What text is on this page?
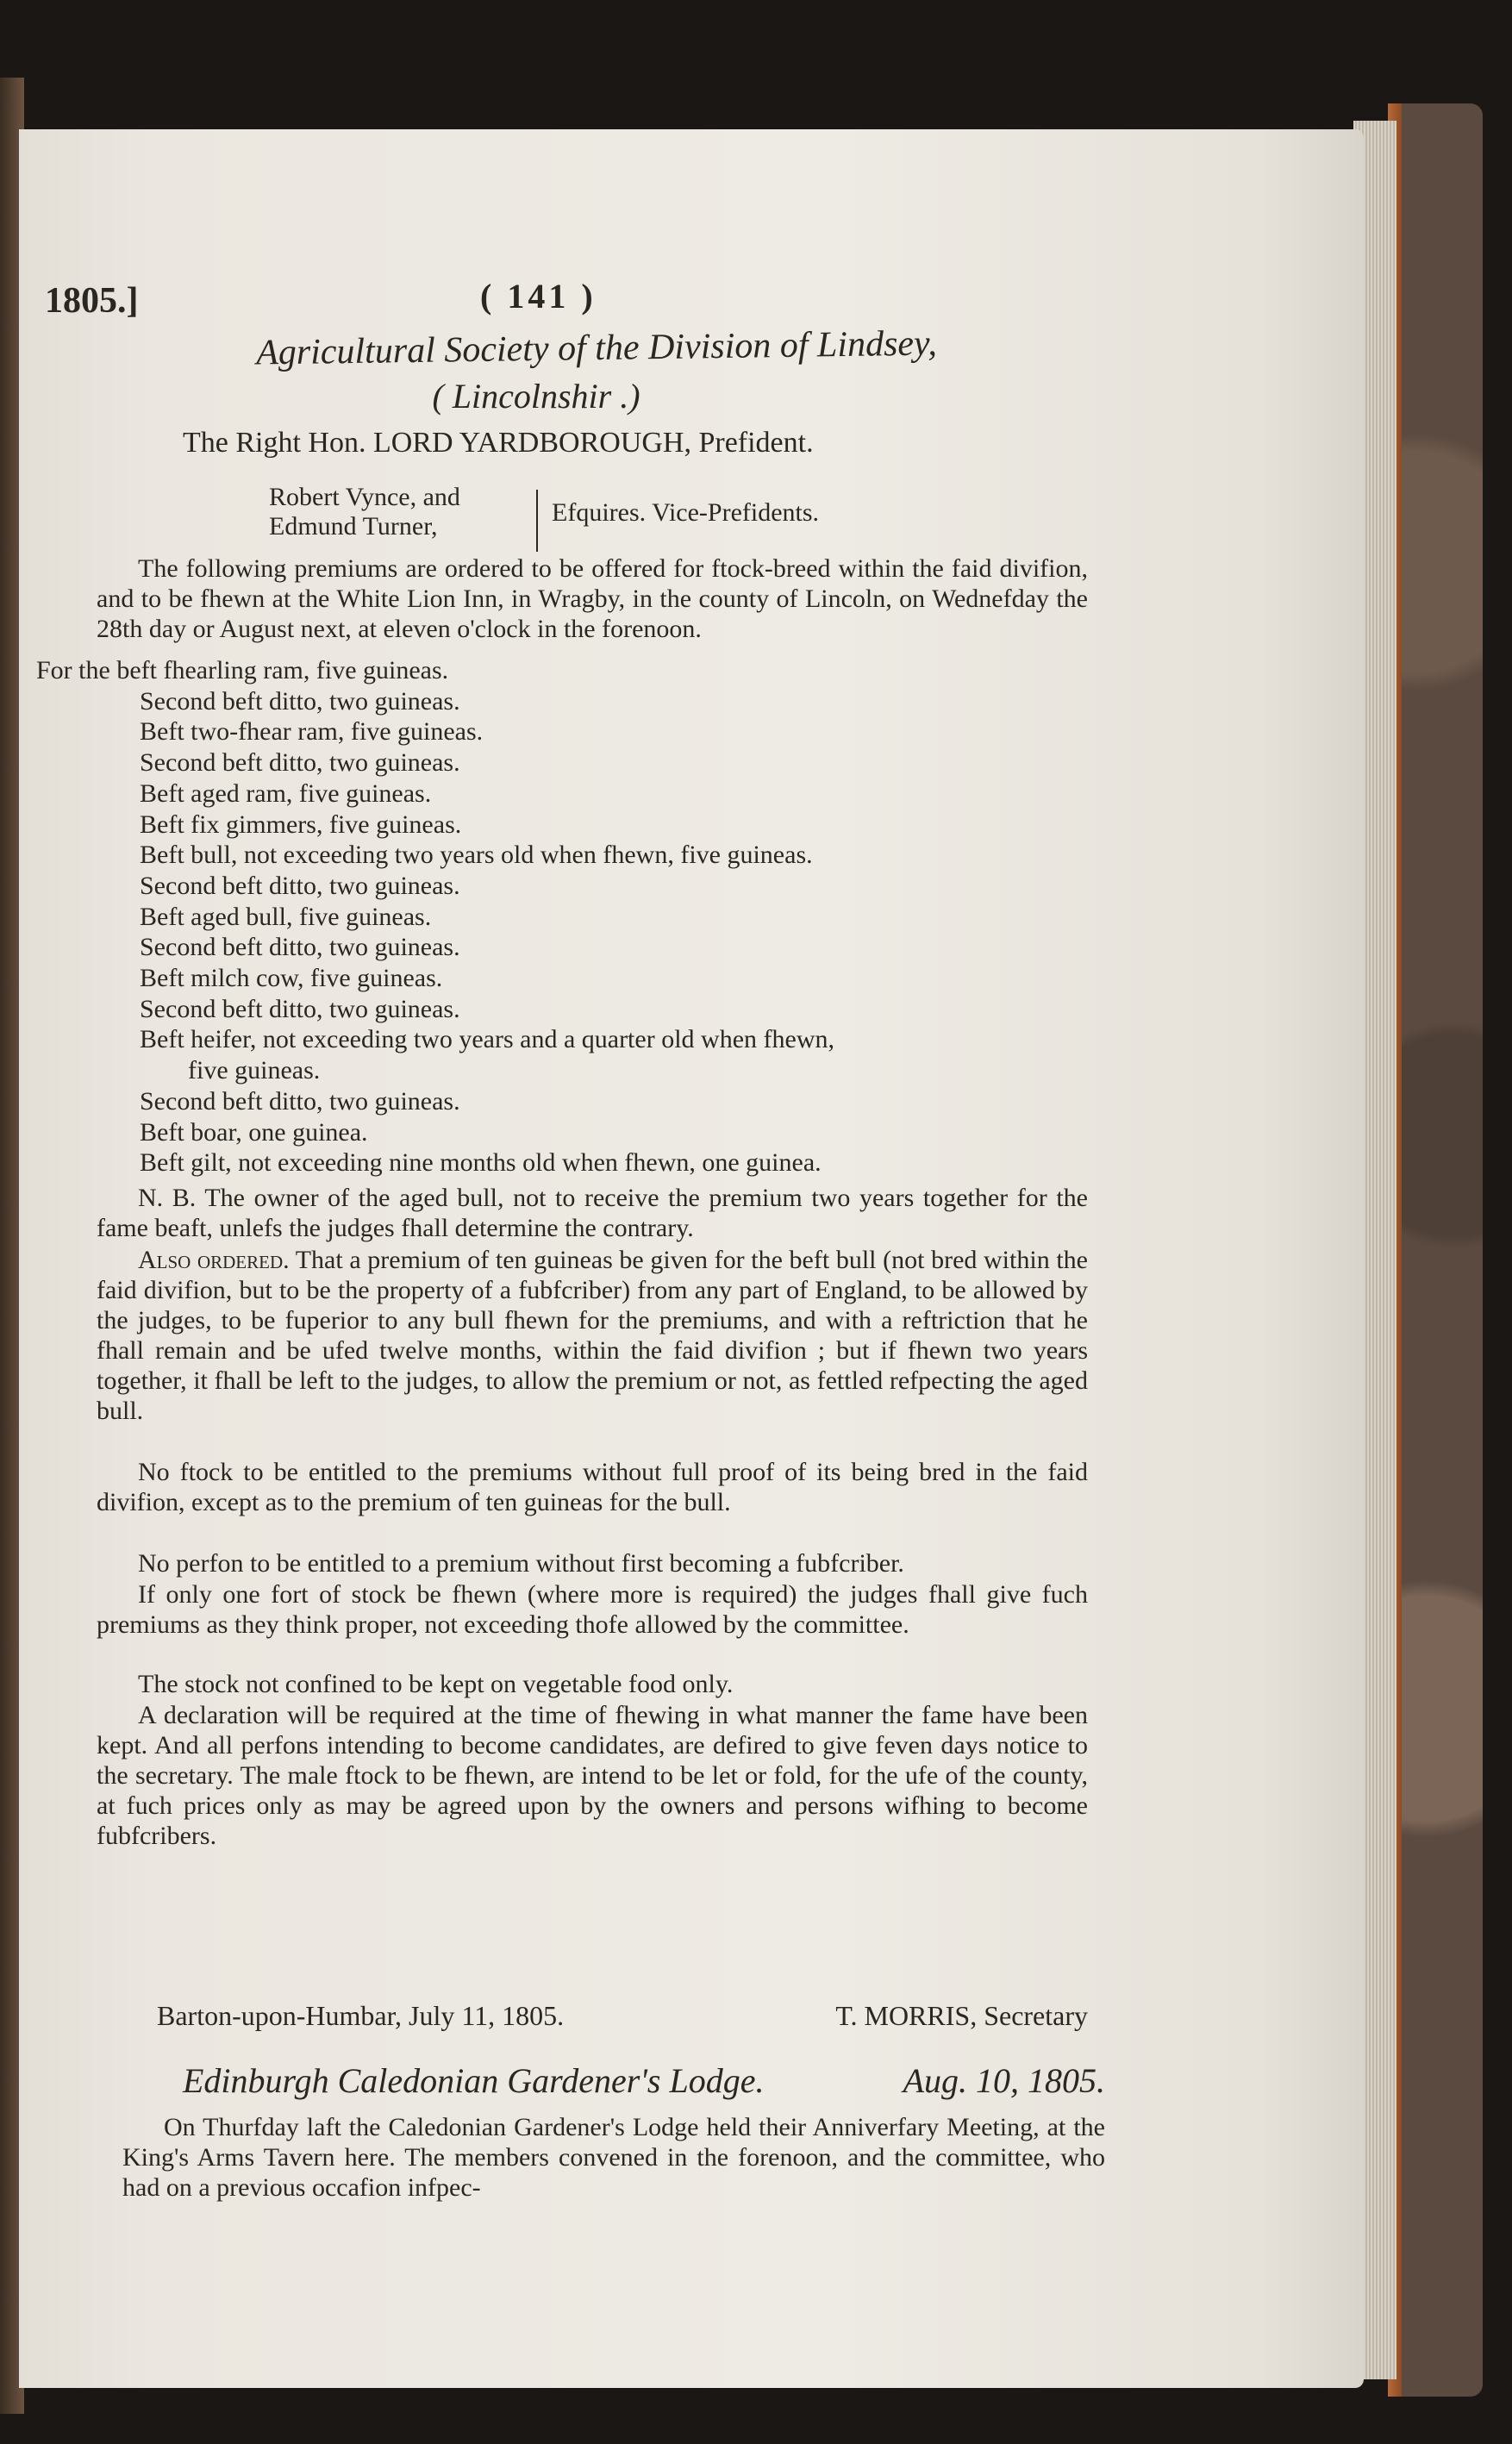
1805.]	( 141 )
Agricultural Society of the Division of Lindsey,
( Lincolnshir .)
The Right Hon. LORD YARDBOROUGH, Prefident.
Robert Vynce, and
Edmund Turner,	Efquires. Vice-Prefidents.
The following premiums are ordered to be offered for ftock-breed within the faid divifion, and to be fhewn at the White Lion Inn, in Wragby, in the county of Lincoln, on Wednefday the 28th day or August next, at eleven o'clock in the forenoon.
For the beft fhearling ram, five guineas.
Second beft ditto, two guineas.
Beft two-fhear ram, five guineas.
Second beft ditto, two guineas.
Beft aged ram, five guineas.
Beft fix gimmers, five guineas.
Beft bull, not exceeding two years old when fhewn, five guineas.
Second beft ditto, two guineas.
Beft aged bull, five guineas.
Second beft ditto, two guineas.
Beft milch cow, five guineas.
Second beft ditto, two guineas.
Beft heifer, not exceeding two years and a quarter old when fhewn,
five guineas.
Second beft ditto, two guineas.
Beft boar, one guinea.
Beft gilt, not exceeding nine months old when fhewn, one guinea.
N. B. The owner of the aged bull, not to receive the premium two years together for the fame beaft, unlefs the judges fhall determine the contrary.
Also ordered. That a premium of ten guineas be given for the beft bull (not bred within the faid divifion, but to be the property of a fubfcriber) from any part of England, to be allowed by the judges, to be fuperior to any bull fhewn for the premiums, and with a reftriction that he fhall remain and be ufed twelve months, within the faid divifion ; but if fhewn two years together, it fhall be left to the judges, to allow the premium or not, as fettled refpecting the aged bull.
No ftock to be entitled to the premiums without full proof of its being bred in the faid divifion, except as to the premium of ten guineas for the bull.
No perfon to be entitled to a premium without first becoming a fubfcriber.
If only one fort of stock be fhewn (where more is required) the judges fhall give fuch premiums as they think proper, not exceeding thofe allowed by the committee.
The stock not confined to be kept on vegetable food only.
A declaration will be required at the time of fhewing in what manner the fame have been kept. And all perfons intending to become candidates, are defired to give feven days notice to the secretary. The male ftock to be fhewn, are intend to be let or fold, for the ufe of the county, at fuch prices only as may be agreed upon by the owners and persons wifhing to become fubfcribers.
Barton-upon-Humbar, July 11, 1805.	T. MORRIS, Secretary
Edinburgh Caledonian Gardener's Lodge.	Aug. 10, 1805.
On Thurfday laft the Caledonian Gardener's Lodge held their Anniverfary Meeting, at the King's Arms Tavern here. The members convened in the forenoon, and the committee, who had on a previous occafion infpec-
